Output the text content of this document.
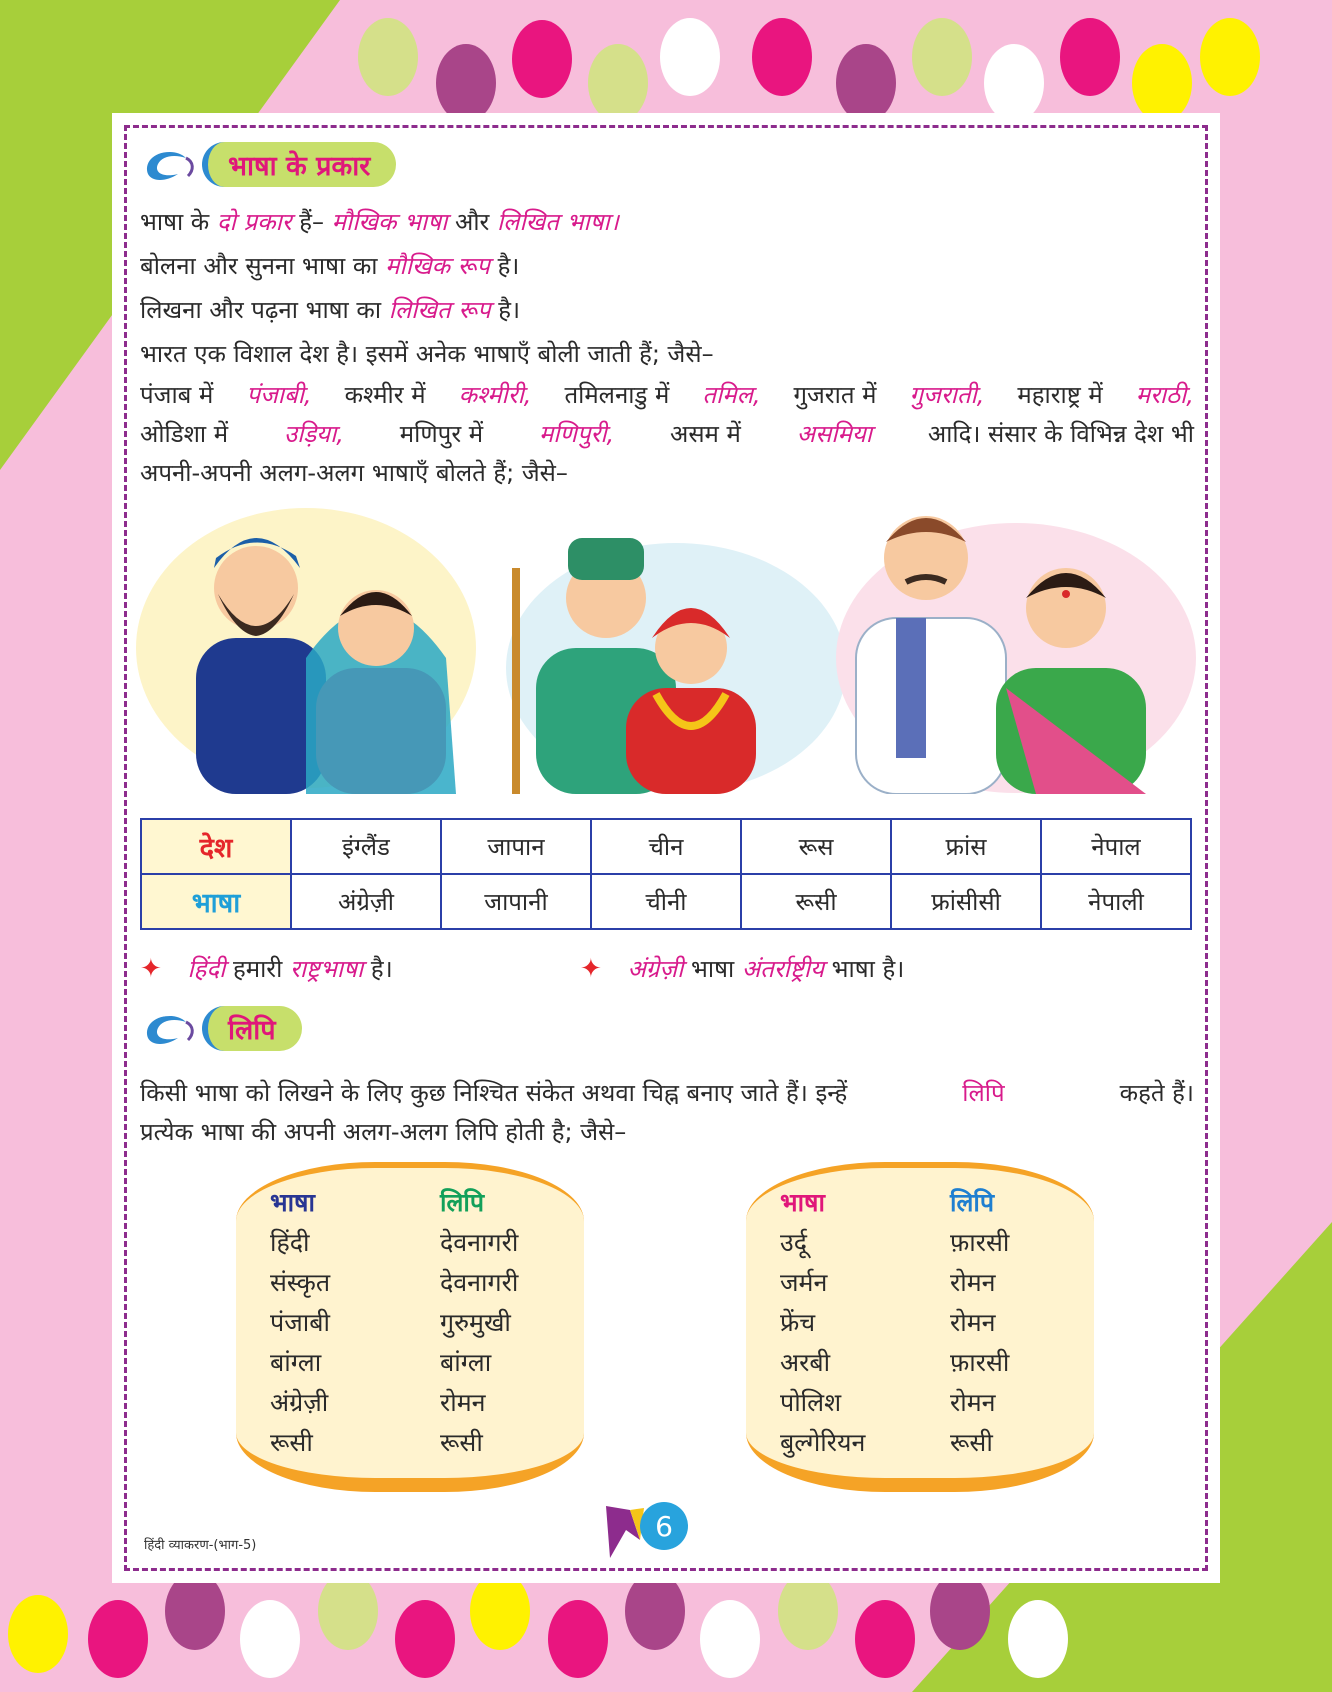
भाषा के प्रकार
भाषा के दो प्रकार हैं– मौखिक भाषा और लिखित भाषा।
बोलना और सुनना भाषा का मौखिक रूप है।
लिखना और पढ़ना भाषा का लिखित रूप है।
भारत एक विशाल देश है। इसमें अनेक भाषाएँ बोली जाती हैं; जैसे–
पंजाब में पंजाबी, कश्मीर में कश्मीरी, तमिलनाडु में तमिल, गुजरात में गुजराती, महाराष्ट्र में मराठी,
ओडिशा में उड़िया, मणिपुर में मणिपुरी, असम में असमिया आदि। संसार के विभिन्न देश भी
अपनी-अपनी अलग-अलग भाषाएँ बोलते हैं; जैसे–
देश	इंग्लैंड	जापान	चीन	रूस	फ्रांस	नेपाल
भाषा	अंग्रेज़ी	जापानी	चीनी	रूसी	फ्रांसीसी	नेपाली
✦ हिंदी हमारी राष्ट्रभाषा है।	✦ अंग्रेज़ी भाषा अंतर्राष्ट्रीय भाषा है।
लिपि
किसी भाषा को लिखने के लिए कुछ निश्चित संकेत अथवा चिह्न बनाए जाते हैं। इन्हें	लिपि	कहते हैं।
प्रत्येक भाषा की अपनी अलग-अलग लिपि होती है; जैसे–
भाषा	लिपि
हिंदी	देवनागरी
संस्कृत	देवनागरी
पंजाबी	गुरुमुखी
बांग्ला	बांग्ला
अंग्रेज़ी	रोमन
रूसी	रूसी
भाषा	लिपि
उर्दू	फ़ारसी
जर्मन	रोमन
फ्रेंच	रोमन
अरबी	फ़ारसी
पोलिश	रोमन
बुल्गेरियन	रूसी
हिंदी व्याकरण-(भाग-5)
6
